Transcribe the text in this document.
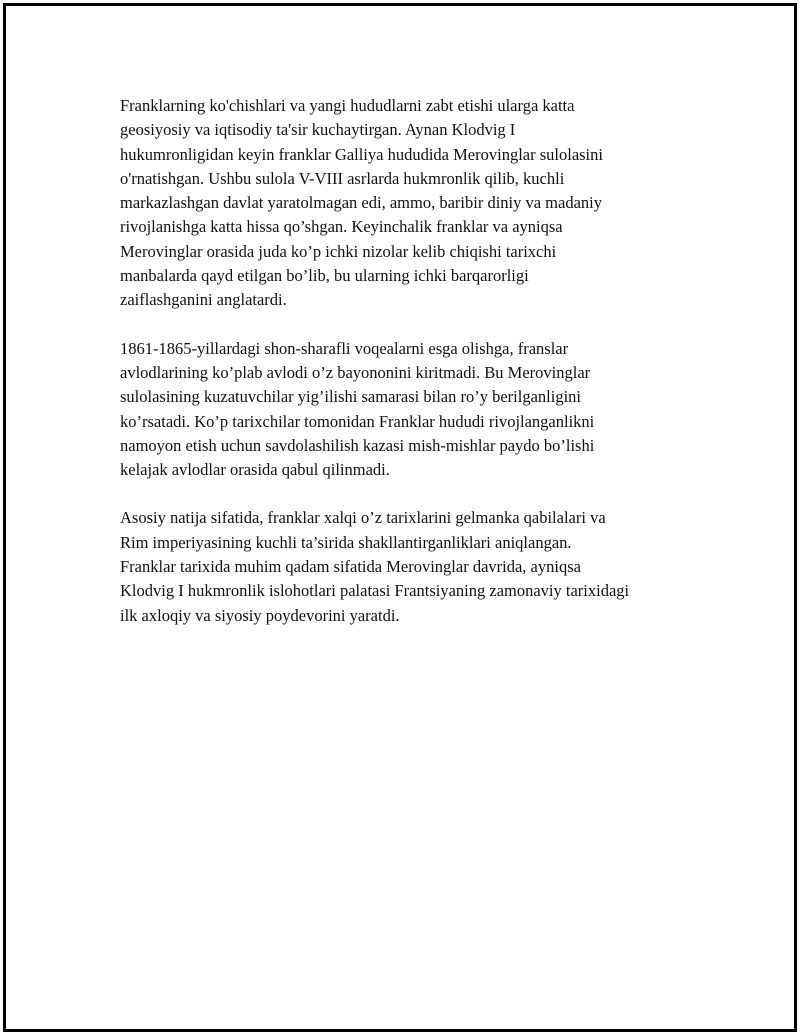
Franklarning ko'chishlari va yangi hududlarni zabt etishi ularga katta
geosiyosiy va iqtisodiy ta'sir kuchaytirgan. Aynan Klodvig I
hukumronligidan keyin franklar Galliya hududida Merovinglar sulolasini
o'rnatishgan. Ushbu sulola V-VIII asrlarda hukmronlik qilib, kuchli
markazlashgan davlat yaratolmagan edi, ammo, baribir diniy va madaniy
rivojlanishga katta hissa qo’shgan. Keyinchalik franklar va ayniqsa
Merovinglar orasida juda ko’p ichki nizolar kelib chiqishi tarixchi
manbalarda qayd etilgan bo’lib, bu ularning ichki barqarorligi
zaiflashganini anglatardi.

1861-1865-yillardagi shon-sharafli voqealarni esga olishga, franslar
avlodlarining ko’plab avlodi o’z bayononini kiritmadi. Bu Merovinglar
sulolasining kuzatuvchilar yig’ilishi samarasi bilan ro’y berilganligini
ko’rsatadi. Ko’p tarixchilar tomonidan Franklar hududi rivojlanganlikni
namoyon etish uchun savdolashilish kazasi mish-mishlar paydo bo’lishi
kelajak avlodlar orasida qabul qilinmadi.

Asosiy natija sifatida, franklar xalqi o’z tarixlarini gelmanka qabilalari va
Rim imperiyasining kuchli ta’sirida shakllantirganliklari aniqlangan.
Franklar tarixida muhim qadam sifatida Merovinglar davrida, ayniqsa
Klodvig I hukmronlik islohotlari palatasi Frantsiyaning zamonaviy tarixidagi
ilk axloqiy va siyosiy poydevorini yaratdi.
